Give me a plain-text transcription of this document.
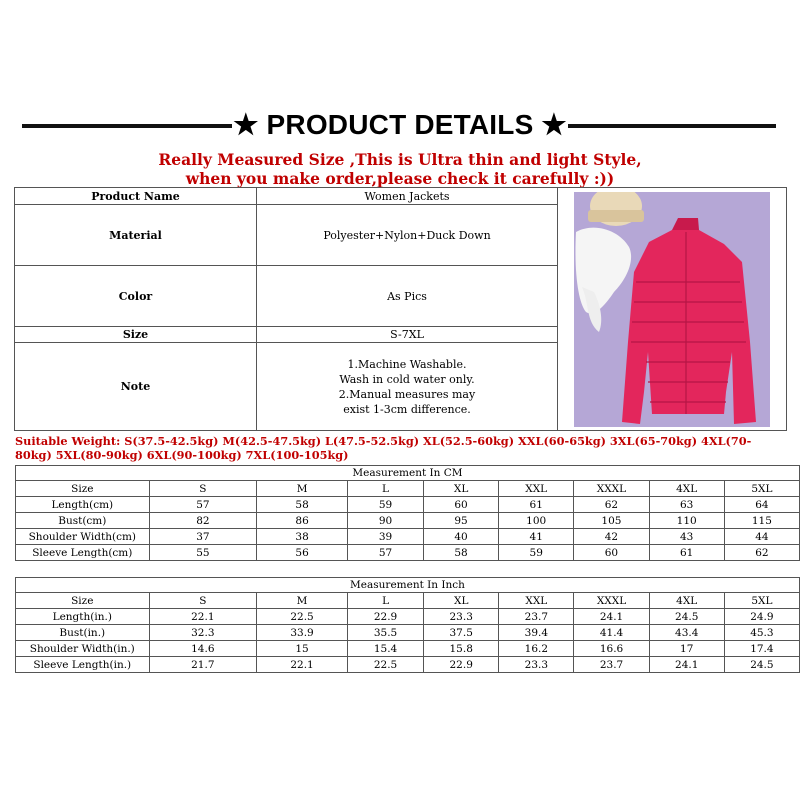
★ PRODUCT DETAILS ★
Really Measured Size ,This is Ultra thin and light Style,
when you make order,please check it carefully :))
Product Name	Women Jackets	

Material	Polyester+Nylon+Duck Down	
Color	As Pics	
Size	S-7XL	
Note	1.Machine Washable.
Wash in cold water only.
2.Manual measures may
exist 1-3cm difference.	
Suitable Weight: S(37.5-42.5kg) M(42.5-47.5kg) L(47.5-52.5kg) XL(52.5-60kg) XXL(60-65kg) 3XL(65-70kg) 4XL(70-80kg) 5XL(80-90kg) 6XL(90-100kg) 7XL(100-105kg)
Measurement In CM								
Size	S	M	L	XL	XXL	XXXL	4XL	5XL
Length(cm)	57	58	59	60	61	62	63	64
Bust(cm)	82	86	90	95	100	105	110	115
Shoulder Width(cm)	37	38	39	40	41	42	43	44
Sleeve Length(cm)	55	56	57	58	59	60	61	62
Measurement In Inch								
Size	S	M	L	XL	XXL	XXXL	4XL	5XL
Length(in.)	22.1	22.5	22.9	23.3	23.7	24.1	24.5	24.9
Bust(in.)	32.3	33.9	35.5	37.5	39.4	41.4	43.4	45.3
Shoulder Width(in.)	14.6	15	15.4	15.8	16.2	16.6	17	17.4
Sleeve Length(in.)	21.7	22.1	22.5	22.9	23.3	23.7	24.1	24.5
